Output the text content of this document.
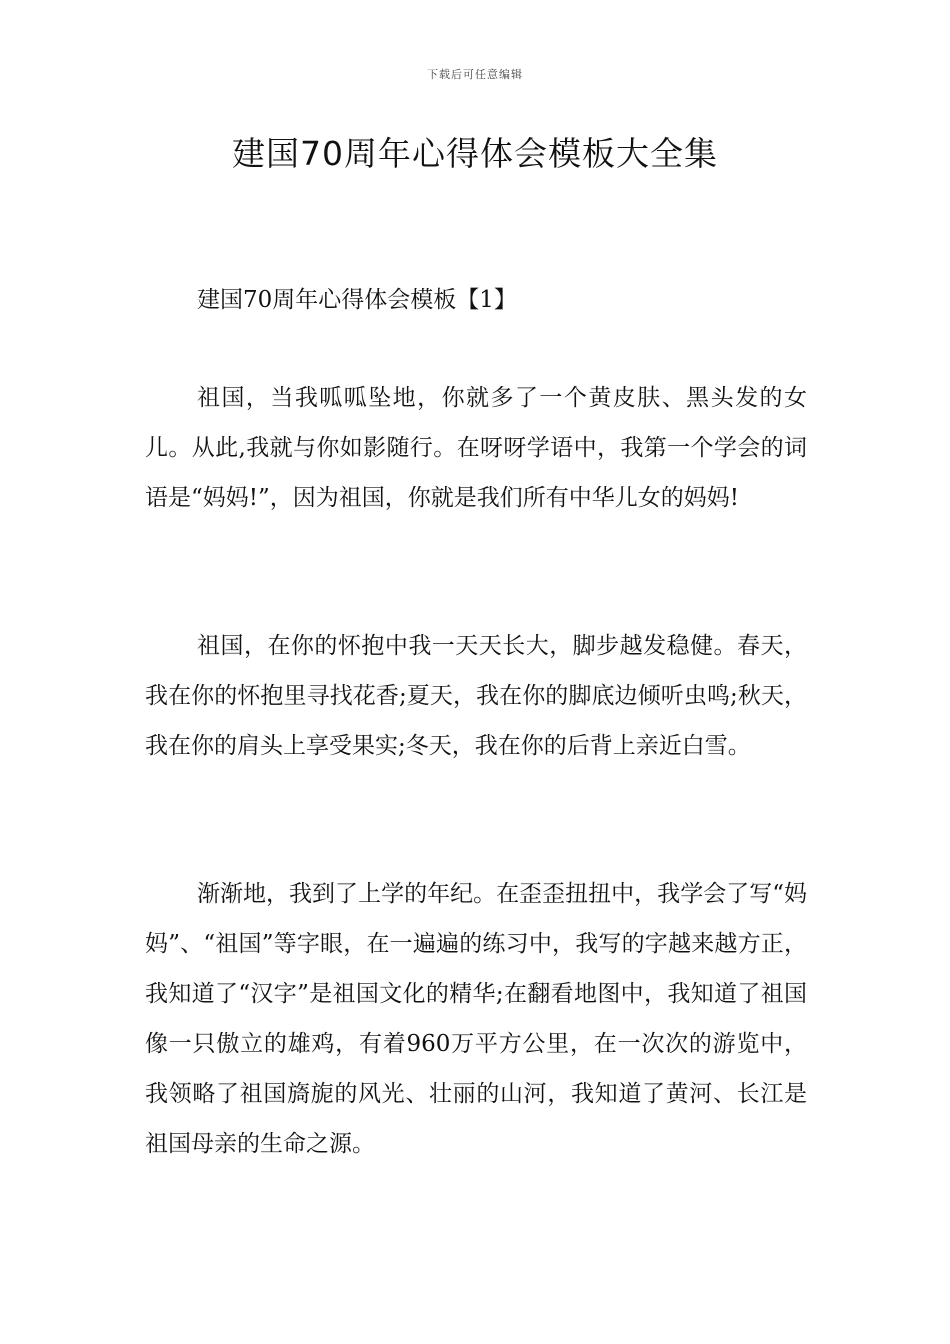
下载后可任意编辑
建国70周年心得体会模板大全集
建国70周年心得体会模板【1】

祖国，当我呱呱坠地，你就多了一个黄皮肤、黑头发的女儿。从此,我就与你如影随行。在呀呀学语中，我第一个学会的词语是“妈妈!”，因为祖国，你就是我们所有中华儿女的妈妈!

祖国，在你的怀抱中我一天天长大，脚步越发稳健。春天，我在你的怀抱里寻找花香;夏天，我在你的脚底边倾听虫鸣;秋天，我在你的肩头上享受果实;冬天，我在你的后背上亲近白雪。

渐渐地，我到了上学的年纪。在歪歪扭扭中，我学会了写“妈妈”、“祖国”等字眼，在一遍遍的练习中，我写的字越来越方正，我知道了“汉字”是祖国文化的精华;在翻看地图中，我知道了祖国像一只傲立的雄鸡，有着960万平方公里，在一次次的游览中，我领略了祖国旖旎的风光、壮丽的山河，我知道了黄河、长江是祖国母亲的生命之源。
